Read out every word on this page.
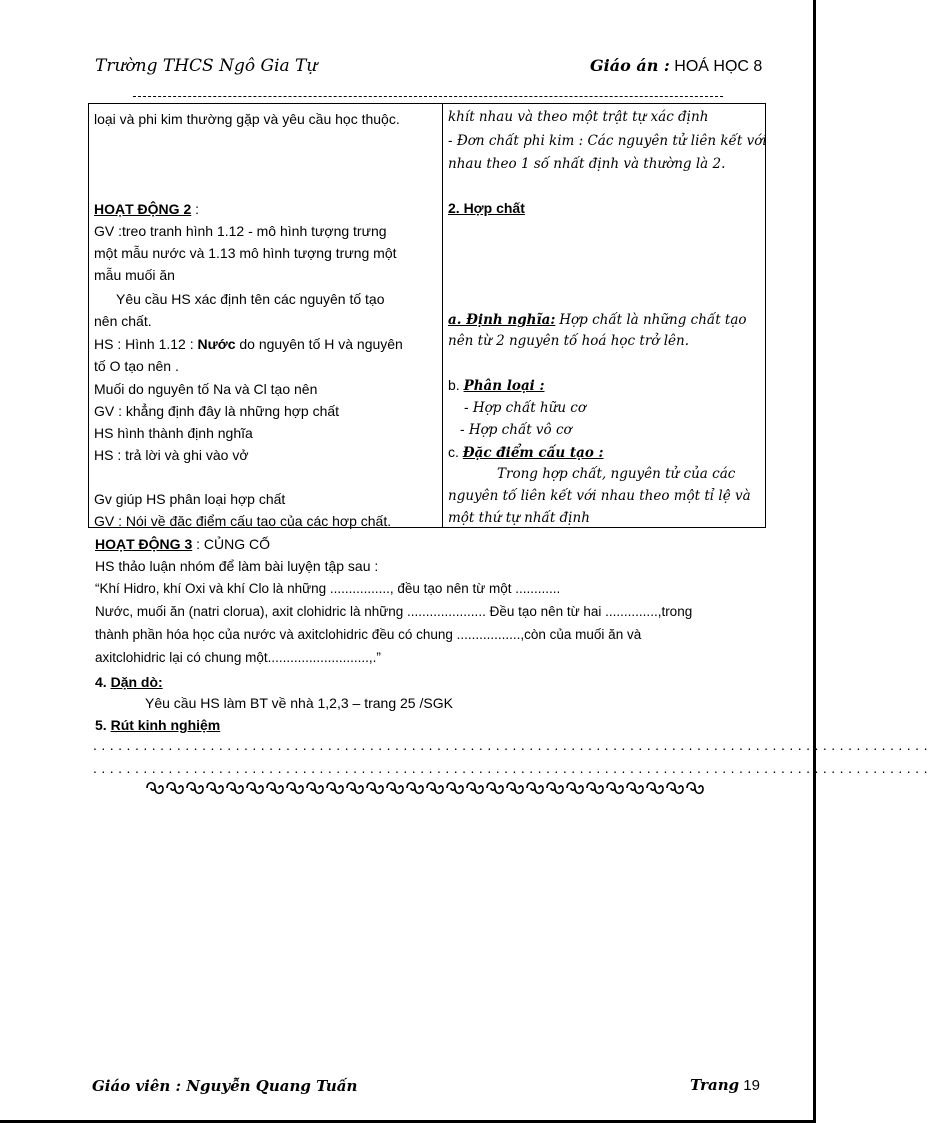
Trường THCS Ngô Gia Tự	Giáo án : HOÁ HỌC 8
loại và phi kim thường gặp và yêu cầu học thuộc.
HOẠT ĐỘNG 2 :
GV :treo tranh hình 1.12 - mô hình tượng trưng
một mẫu nước và 1.13 mô hình tượng trưng một
mẫu muối ăn
Yêu cầu HS xác định tên các nguyên tố tạo
nên chất.
HS : Hình 1.12 : Nước do nguyên tố H và nguyên
tố O tạo nên .
Muối do nguyên tố Na và Cl tạo nên
GV : khẳng định đây là những hợp chất
HS hình thành định nghĩa
HS : trả lời và ghi vào vở
Gv giúp HS phân loại hợp chất
GV : Nói về đặc điểm cấu tạo của các hợp chất.
khít nhau và theo một trật tự xác định
- Đơn chất phi kim : Các nguyên tử liên kết với
nhau theo 1 số nhất định và thường là 2.
2. Hợp chất
a. Định nghĩa: Hợp chất là những chất tạo
nên từ 2 nguyên tố hoá học trở lên.
b. Phân loại :
- Hợp chất hữu cơ
- Hợp chất vô cơ
c. Đặc điểm cấu tạo :
Trong hợp chất, nguyên tử của các
nguyên tố liên kết với nhau theo một tỉ lệ và
một thứ tự nhất định
HOẠT ĐỘNG 3 : CỦNG CỐ
HS thảo luận nhóm để làm bài luyện tập sau :
“Khí Hidro, khí Oxi và khí Clo là những ................, đều tạo nên từ một ............
Nước, muối ăn (natri clorua), axit clohidric là những ..................... Đều tạo nên từ hai ..............,trong
thành phần hóa học của nước và axitclohidric đều có chung .................,còn của muối ăn và
axitclohidric lại có chung một...........................,.”
4. Dặn dò:
Yêu cầu HS làm BT về nhà 1,2,3 – trang 25 /SGK
5. Rút kinh nghiệm
....................................................................................................
....................................................................................................
Giáo viên : Nguyễn Quang Tuấn	Trang 19
